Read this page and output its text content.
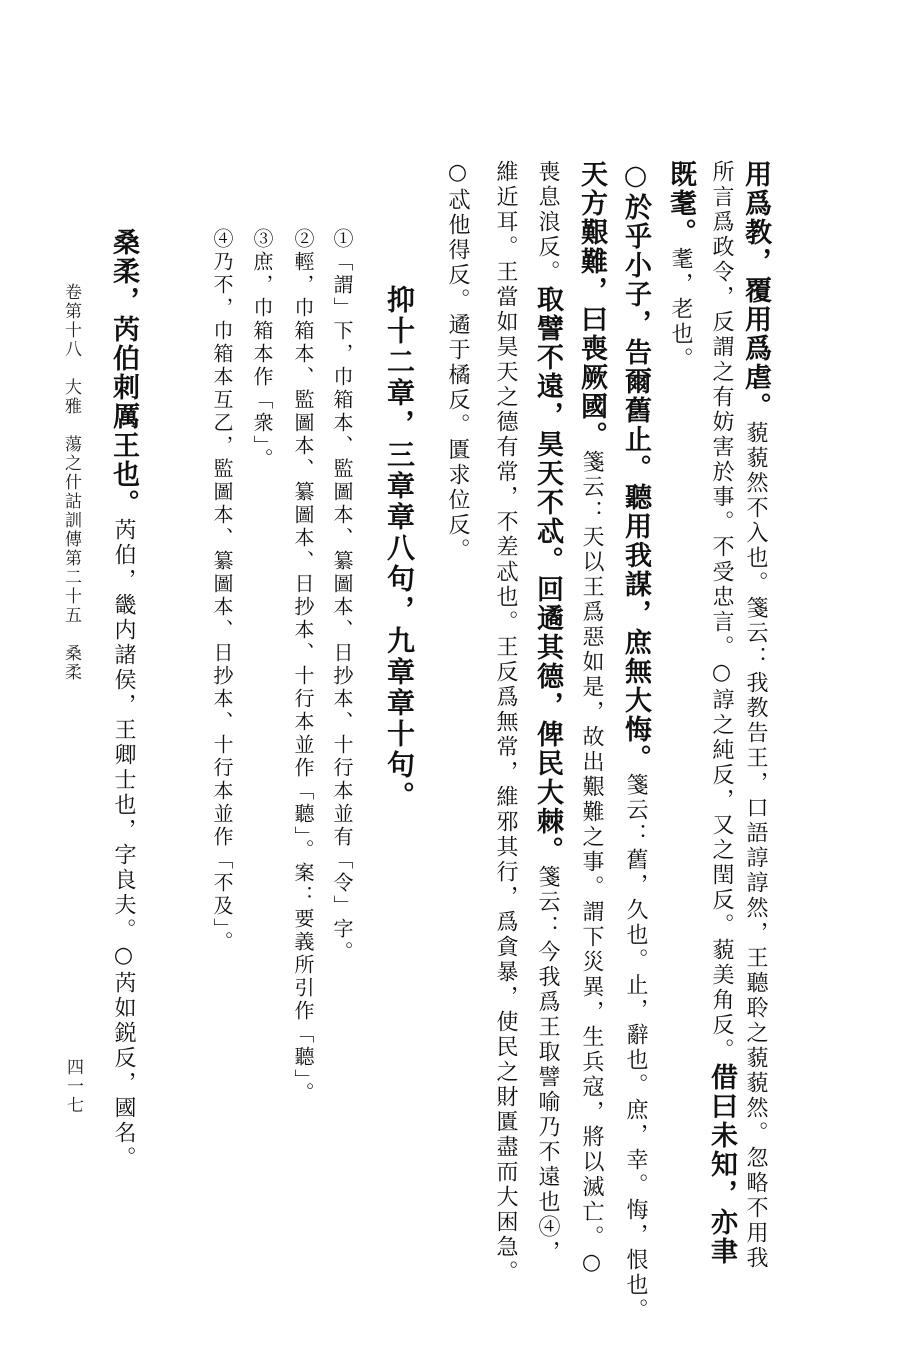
用爲教，覆用爲虐。藐藐然不入也。箋云：我教告王，口語諄諄然，王聽聆之藐藐然。忽略不用我
所言爲政令，反謂之有妨害於事。不受忠言。○諄之純反，又之閏反。藐美角反。借曰未知，亦聿
既耄。耄，老也。
○於乎小子，告爾舊止。聽用我謀，庶無大悔。箋云：舊，久也。止，辭也。庶，幸。悔，恨也。
天方艱難，曰喪厥國。箋云：天以王爲惡如是，故出艱難之事。謂下災異，生兵寇，將以滅亡。○
喪息浪反。取譬不遠，昊天不忒。回遹其德，俾民大棘。箋云：今我爲王取譬喻乃不遠也④，
維近耳。王當如昊天之德有常，不差忒也。王反爲無常，維邪其行，爲貪暴，使民之財匱盡而大困急。
○忒他得反。遹于橘反。匱求位反。
抑十二章，三章章八句，九章章十句。
①「謂」下，巾箱本、監圖本、纂圖本、日抄本、十行本並有「令」字。
②輕，巾箱本、監圖本、纂圖本、日抄本、十行本並作「聽」。案：要義所引作「聽」。
③庶，巾箱本作「衆」。
④乃不，巾箱本互乙，監圖本、纂圖本、日抄本、十行本並作「不及」。
桑柔，芮伯刺厲王也。芮伯，畿内諸侯，王卿士也，字良夫。○芮如鋭反，國名。
卷第十八　大雅　蕩之什詁訓傳第二十五　桑柔
四一七
